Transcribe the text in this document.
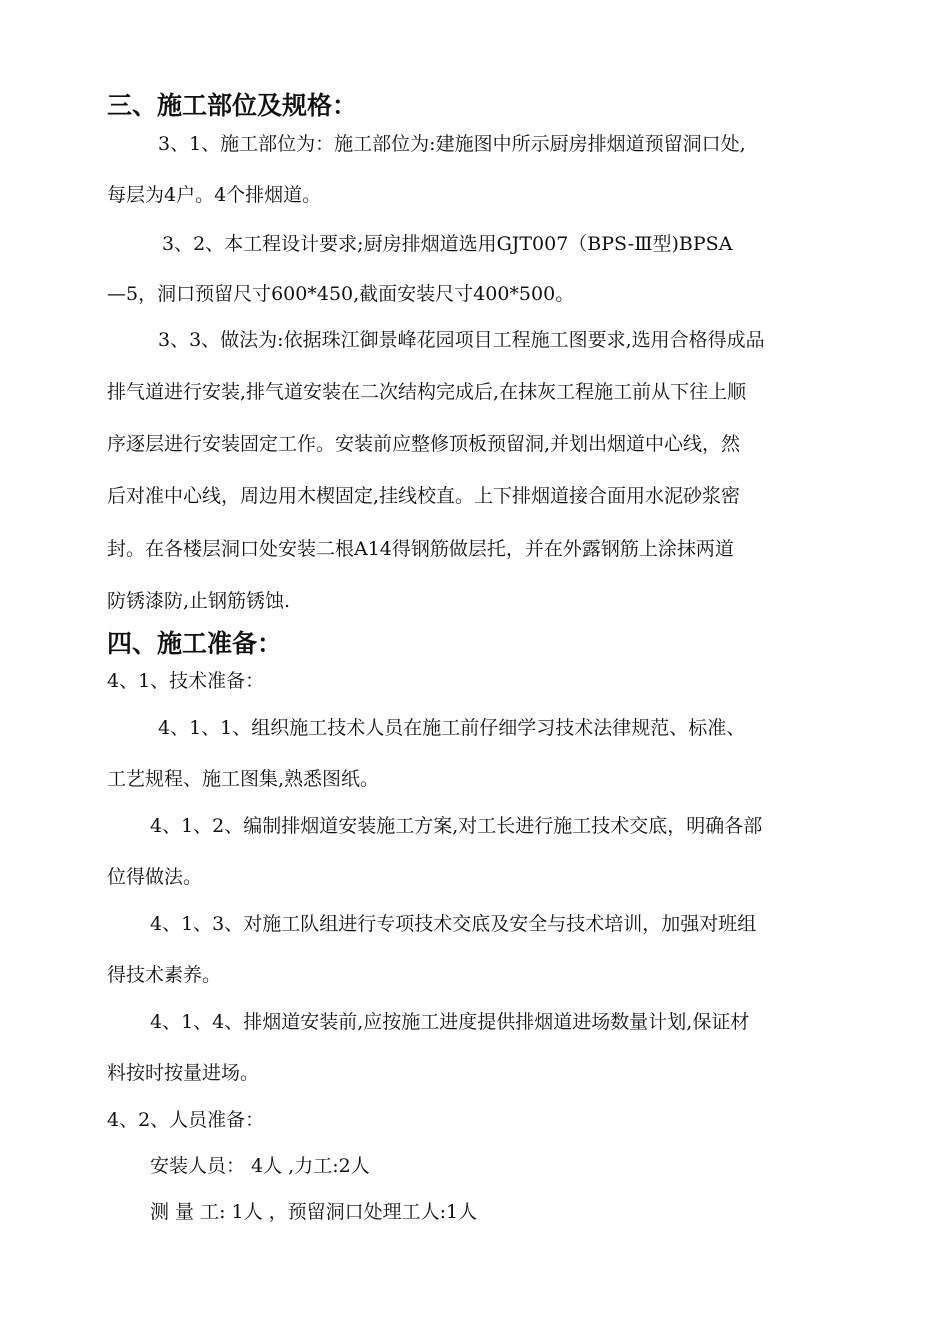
三、施工部位及规格：
3、1、施工部位为：施工部位为:建施图中所示厨房排烟道预留洞口处,
每层为4户。4个排烟道。
3、2、本工程设计要求;厨房排烟道选用GJT007（BPS-Ⅲ型)BPSA
—5，洞口预留尺寸600*450,截面安装尺寸400*500。
3、3、做法为:依据珠江御景峰花园项目工程施工图要求,选用合格得成品
排气道进行安装,排气道安装在二次结构完成后,在抹灰工程施工前从下往上顺
序逐层进行安装固定工作。安装前应整修顶板预留洞,并划出烟道中心线，然
后对准中心线，周边用木楔固定,挂线校直。上下排烟道接合面用水泥砂浆密
封。在各楼层洞口处安装二根A14得钢筋做层托，并在外露钢筋上涂抹两道
防锈漆防,止钢筋锈蚀.
四、施工准备：
4、1、技术准备：
4、1、1、组织施工技术人员在施工前仔细学习技术法律规范、标准、
工艺规程、施工图集,熟悉图纸。
4、1、2、编制排烟道安装施工方案,对工长进行施工技术交底，明确各部
位得做法。
4、1、3、对施工队组进行专项技术交底及安全与技术培训，加强对班组
得技术素养。
4、1、4、排烟道安装前,应按施工进度提供排烟道进场数量计划,保证材
料按时按量进场。
4、2、人员准备：
安装人员： 4人 ,力工:2人
测 量 工: 1人 ，预留洞口处理工人:1人
